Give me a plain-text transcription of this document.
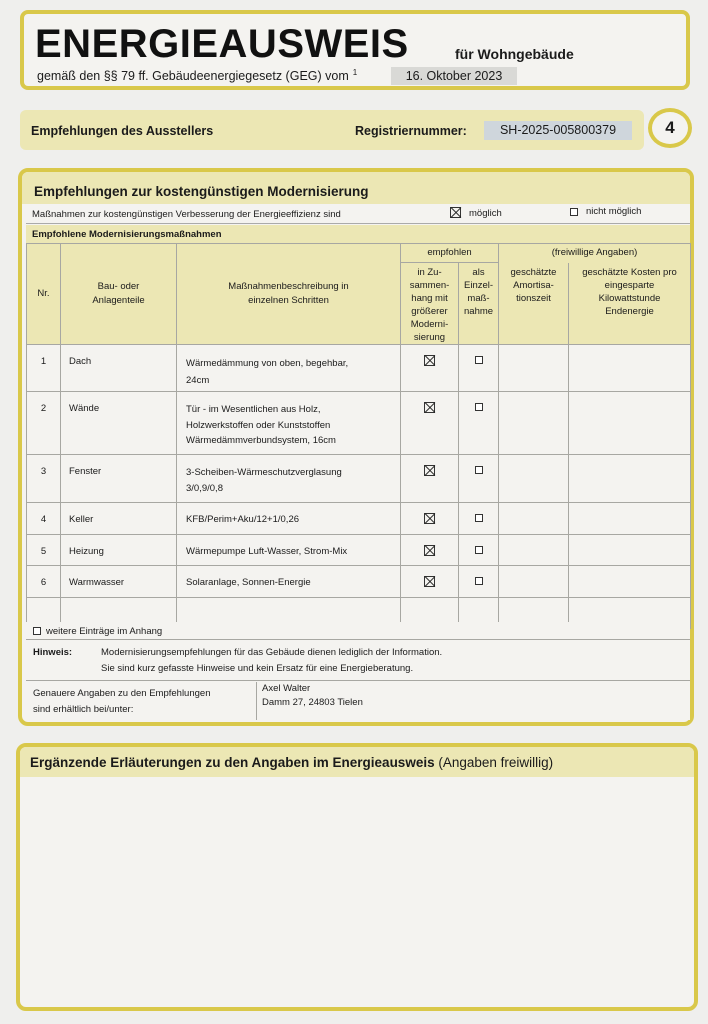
ENERGIEAUSWEIS	für Wohngebäude
gemäß den §§ 79 ff. Gebäudeenergiegesetz (GEG) vom $^1$	16. Oktober 2023
Empfehlungen des Ausstellers	Registriernummer:	SH-2025-005800379	4
Empfehlungen zur kostengünstigen Modernisierung
Maßnahmen zur kostengünstigen Verbesserung der Energieeffizienz sind	möglich	nicht möglich
Empfohlene Modernisierungsmaßnahmen
Nr.	Bau- oder Anlagenteile	Maßnahmenbeschreibung in einzelnen Schritten	empfohlen		(freiwillige Angaben)	

			in Zu- sammen- hang mit größerer Moderni- sierung	als Einzel- maß- nahme	geschätzte Amortisa- tionszeit	geschätzte Kosten pro eingesparte Kilowattstunde Endenergie

1	Dach	Wärmedämmung von oben, begehbar, 24cm				

2	Wände	Tür - im Wesentlichen aus Holz, Holzwerkstoffen oder Kunststoffen Wärmedämmverbundsystem, 16cm				

3	Fenster	3-Scheiben-Wärmeschutzverglasung 3/0,9/0,8				

4	Keller	KFB/Perim+Aku/12+1/0,26				
5	Heizung	Wärmepumpe Luft-Wasser, Strom-Mix				
6	Warmwasser	Solaranlage, Sonnen-Energie				

weitere Einträge im Anhang
Hinweis:	Modernisierungsempfehlungen für das Gebäude dienen lediglich der Information.
Sie sind kurz gefasste Hinweise und kein Ersatz für eine Energieberatung.
Genauere Angaben zu den Empfehlungen
sind erhältlich bei/unter:
Axel Walter
Damm 27, 24803 Tielen
Ergänzende Erläuterungen zu den Angaben im Energieausweis (Angaben freiwillig)
